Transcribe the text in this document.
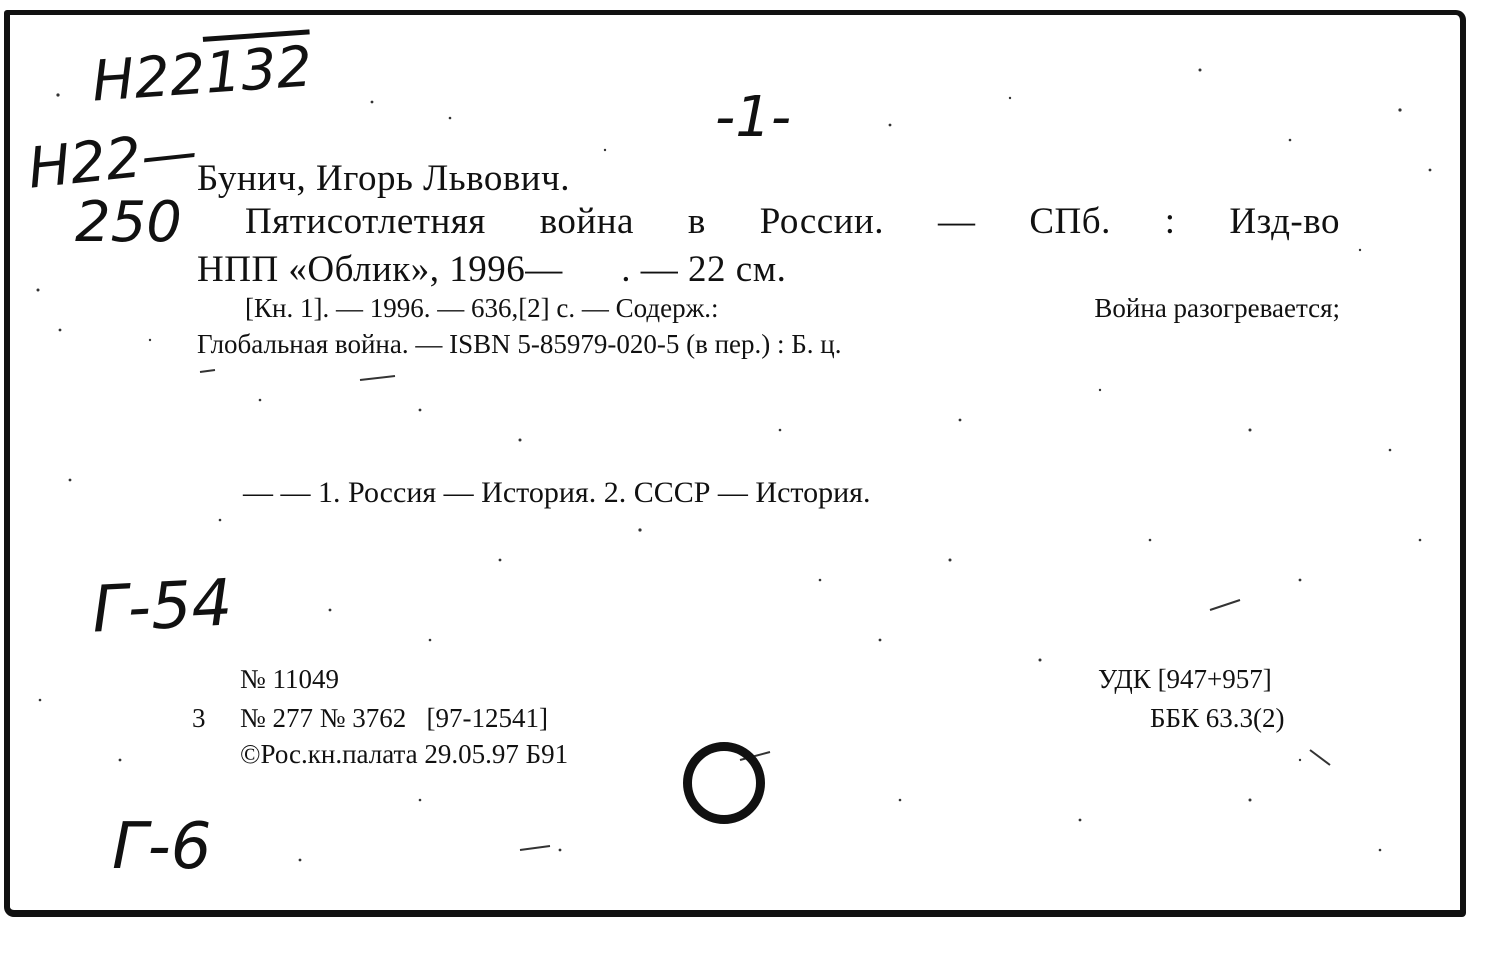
H22132
-1-
H22—
250
Г-54
Г-6
Бунич, Игорь Львович.
Пятисотлетняя война в России. — СПб. : Изд-во
НПП «Облик», 1996—      . — 22 см.
[Кн. 1]. — 1996. — 636,[2] с. — Содерж.:	Война разогревается;
Глобальная война. — ISBN 5-85979-020-5 (в пер.) : Б. ц.
— — 1. Россия — История. 2. СССР — История.
№ 11049
3 № 277 № 3762   [97-12541]
©Рос.кн.палата 29.05.97 Б91
УДК [947+957]
ББК 63.3(2)
